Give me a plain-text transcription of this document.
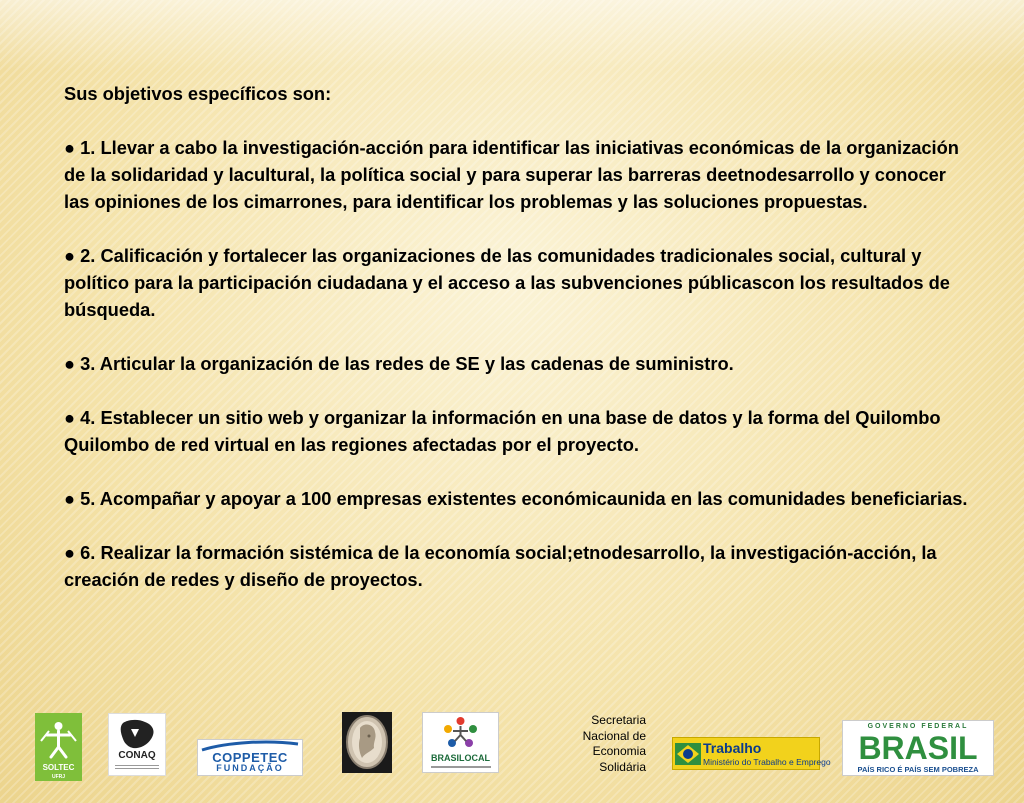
Sus objetivos específicos son:

● 1. Llevar a cabo la investigación-acción para identificar las iniciativas económicas de la organización de la solidaridad y lacultural, la política social y para superar las barreras deetnodesarrollo y conocer las opiniones de los cimarrones, para identificar los problemas y las soluciones propuestas.

● 2. Calificación y fortalecer las organizaciones de las comunidades tradicionales social, cultural y político para la participación ciudadana y el acceso a las subvenciones públicascon los resultados de búsqueda.

● 3. Articular la organización de las redes de SE y las cadenas de suministro.

● 4. Establecer un sitio web y organizar la información en una base de datos y la forma del Quilombo Quilombo de red virtual en las regiones afectadas por el proyecto.

● 5. Acompañar y apoyar a 100 empresas existentes económicaunida en las comunidades beneficiarias.

● 6. Realizar la formación sistémica de la economía social;etnodesarrollo, la investigación-acción, la creación de redes y diseño de proyectos.

SOLTEC
UFRJ
CONAQ	COPPETEC
FUNDAÇÃO
BRASILOCAL
Secretaria
Nacional de
Economia
Solidária
Trabalho
Ministério do Trabalho e Emprego
GOVERNO FEDERAL
BRASIL
PAÍS RICO É PAÍS SEM POBREZA
